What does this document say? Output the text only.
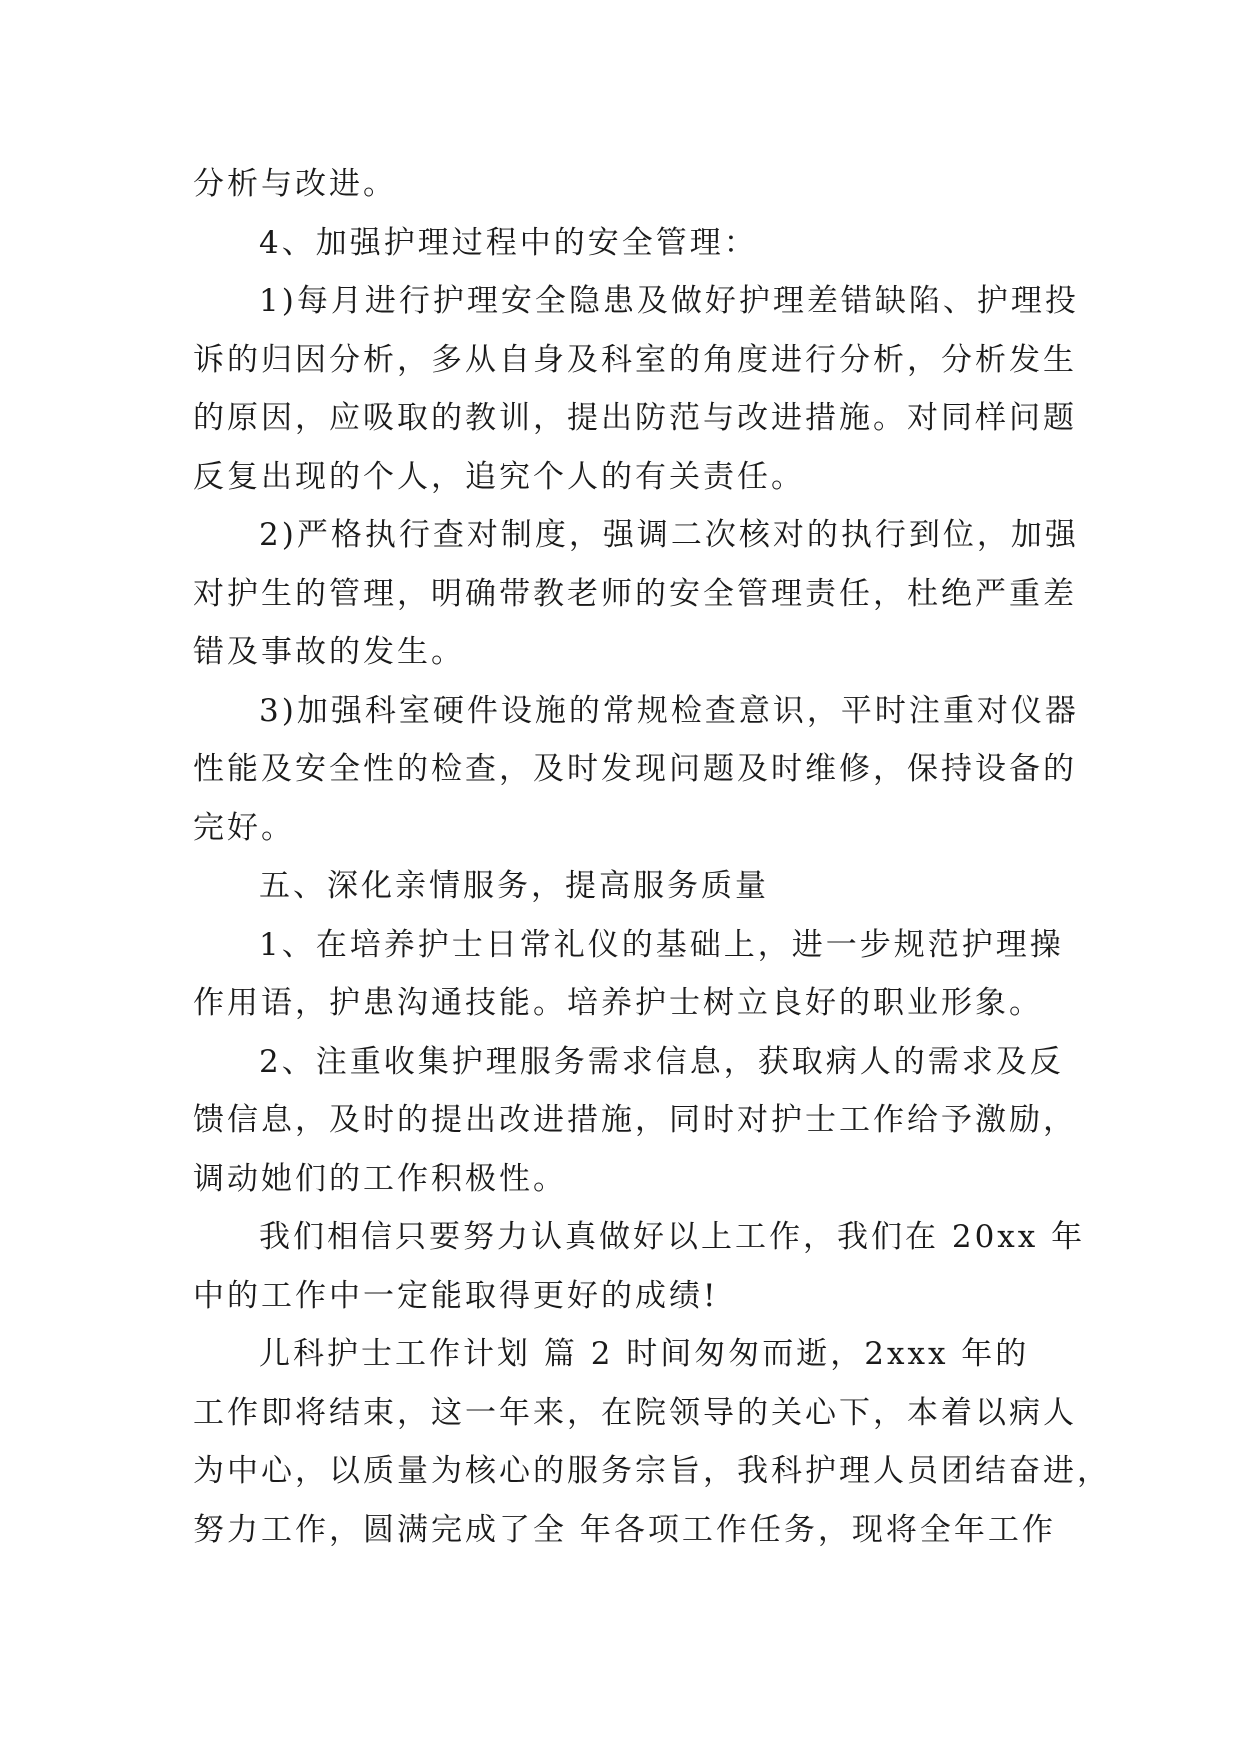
分析与改进。
4、加强护理过程中的安全管理：
1)每月进行护理安全隐患及做好护理差错缺陷、护理投
诉的归因分析，多从自身及科室的角度进行分析，分析发生
的原因，应吸取的教训，提出防范与改进措施。对同样问题
反复出现的个人，追究个人的有关责任。
2)严格执行查对制度，强调二次核对的执行到位，加强
对护生的管理，明确带教老师的安全管理责任，杜绝严重差
错及事故的发生。
3)加强科室硬件设施的常规检查意识，平时注重对仪器
性能及安全性的检查，及时发现问题及时维修，保持设备的
完好。
五、深化亲情服务，提高服务质量
1、在培养护士日常礼仪的基础上，进一步规范护理操
作用语，护患沟通技能。培养护士树立良好的职业形象。
2、注重收集护理服务需求信息，获取病人的需求及反
馈信息，及时的提出改进措施，同时对护士工作给予激励，
调动她们的工作积极性。
我们相信只要努力认真做好以上工作，我们在 20xx 年
中的工作中一定能取得更好的成绩!
儿科护士工作计划 篇 2 时间匆匆而逝，2xxx 年的
工作即将结束，这一年来，在院领导的关心下，本着以病人
为中心，以质量为核心的服务宗旨，我科护理人员团结奋进，
努力工作，圆满完成了全 年各项工作任务，现将全年工作
